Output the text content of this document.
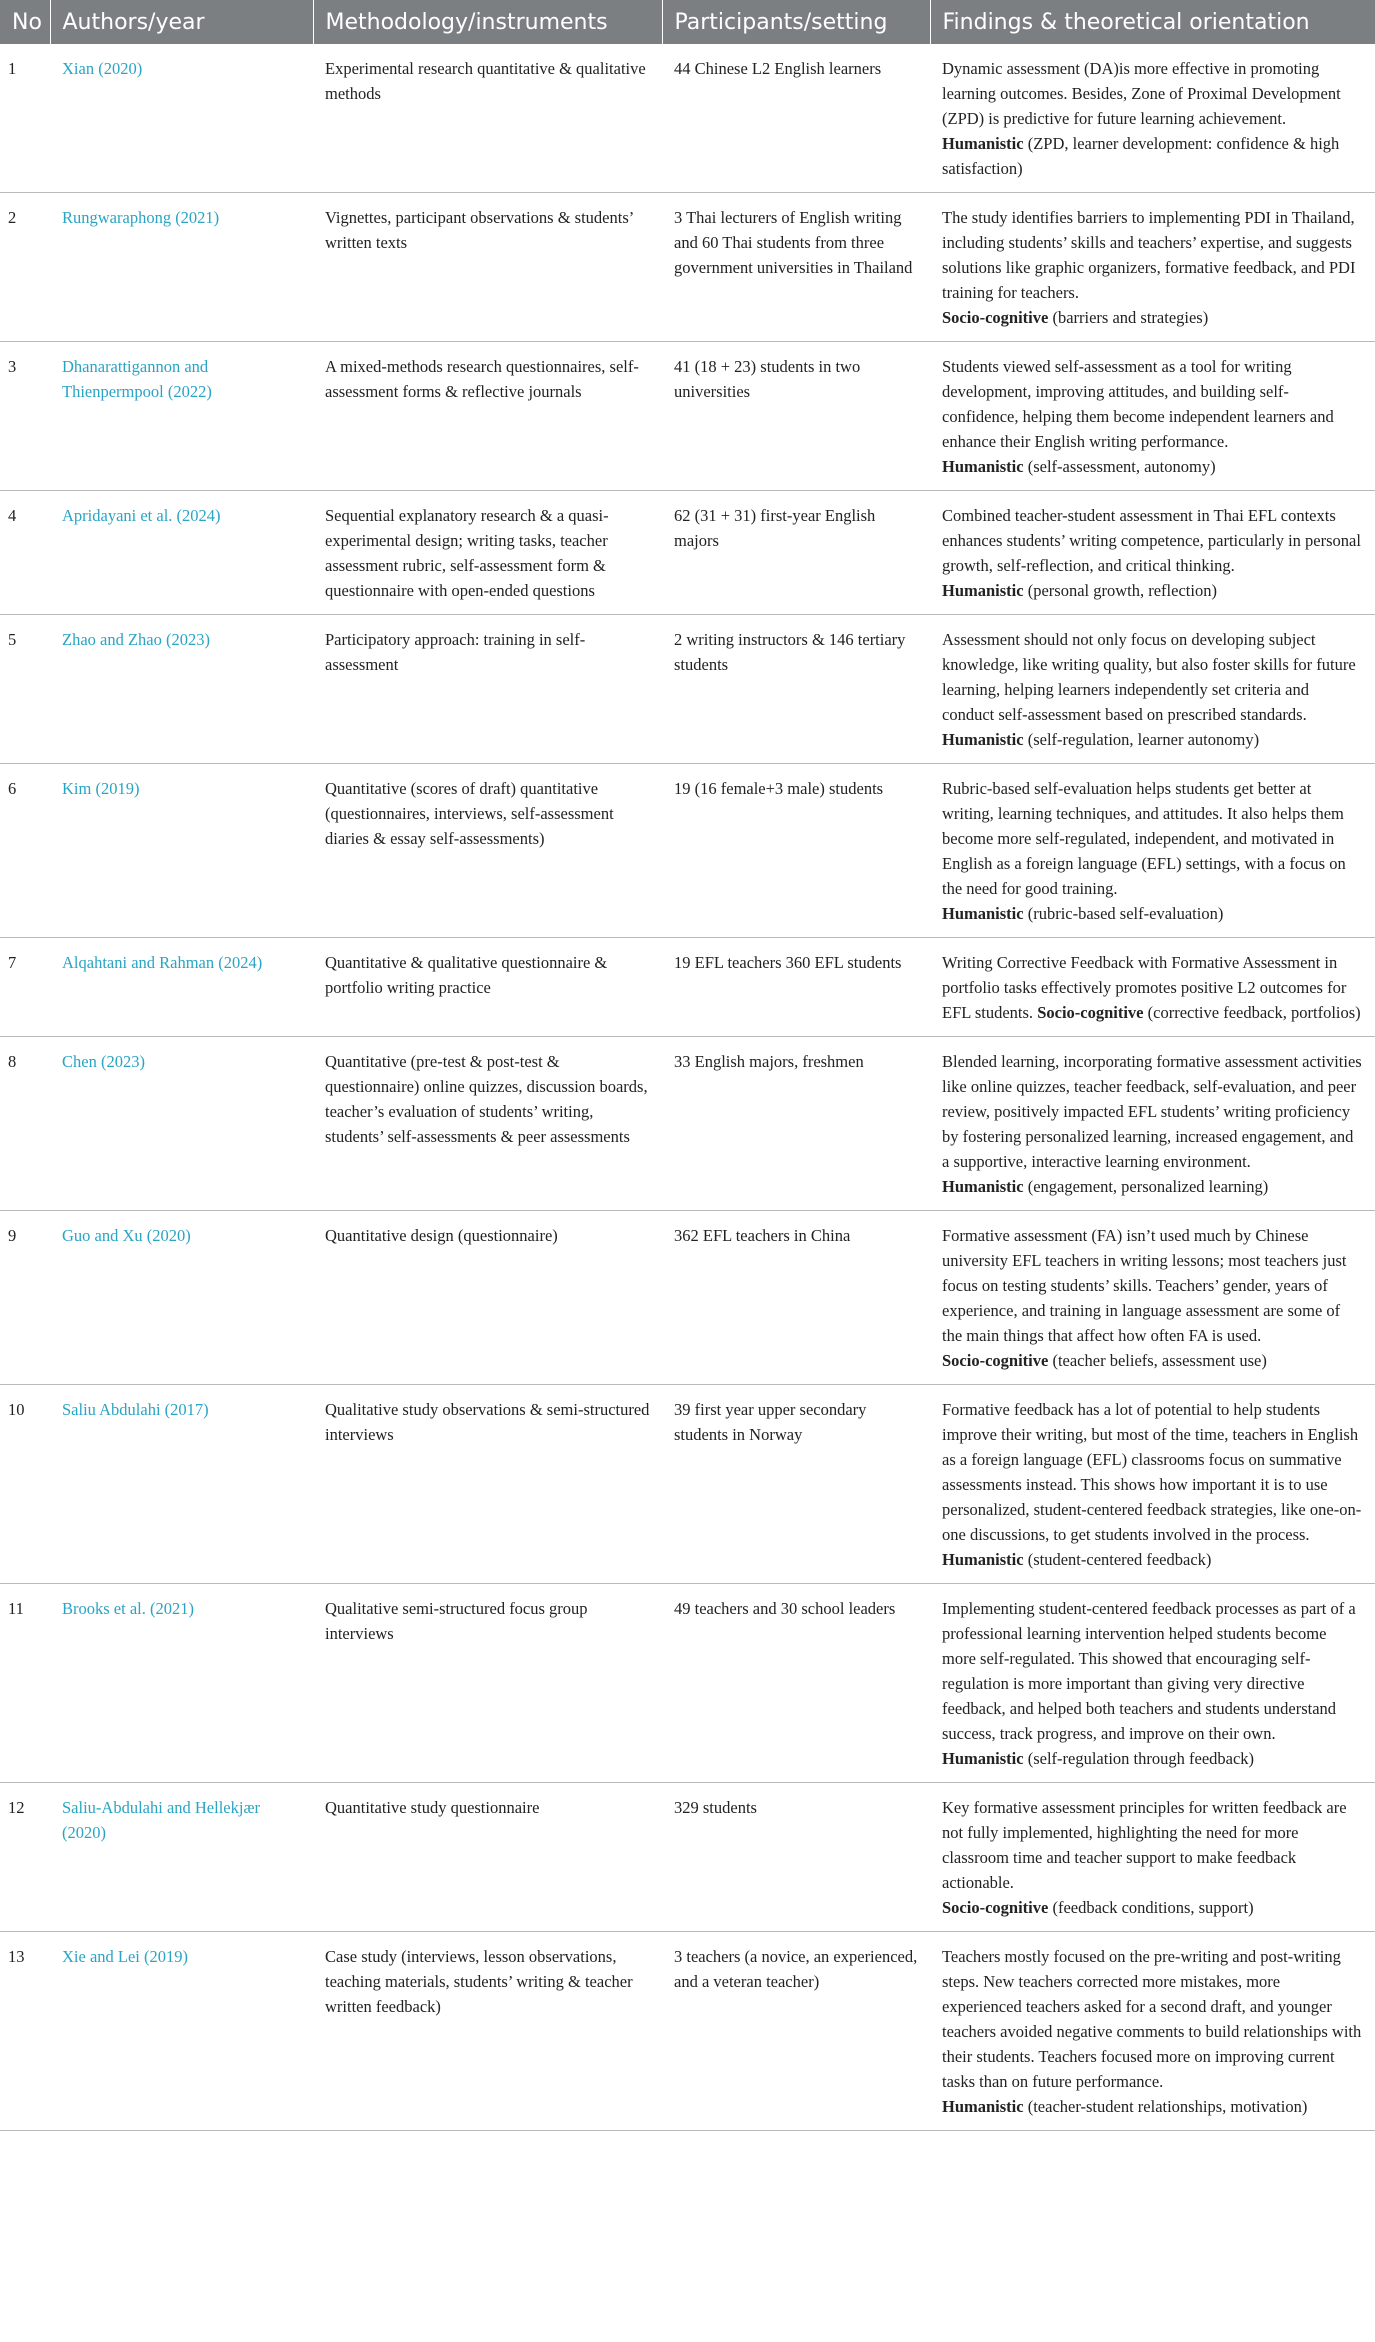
No	Authors/year	Methodology/instruments	Participants/setting	Findings & theoretical orientation
1	Xian (2020)	Experimental research quantitative & qualitative methods	44 Chinese L2 English learners	Dynamic assessment (DA)is more effective in promoting learning outcomes. Besides, Zone of Proximal Development (ZPD) is predictive for future learning achievement.
Humanistic (ZPD, learner development: confidence & high satisfaction)
2	Rungwaraphong (2021)	Vignettes, participant observations & students’ written texts	3 Thai lecturers of English writing and 60 Thai students from three government universities in Thailand	The study identifies barriers to implementing PDI in Thailand, including students’ skills and teachers’ expertise, and suggests solutions like graphic organizers, formative feedback, and PDI training for teachers.
Socio-cognitive (barriers and strategies)
3	Dhanarattigannon and Thienpermpool (2022)	A mixed-methods research questionnaires, self-assessment forms & reflective journals	41 (18 + 23) students in two universities	Students viewed self-assessment as a tool for writing development, improving attitudes, and building self-confidence, helping them become independent learners and enhance their English writing performance.
Humanistic (self-assessment, autonomy)
4	Apridayani et al. (2024)	Sequential explanatory research & a quasi-experimental design; writing tasks, teacher assessment rubric, self-assessment form & questionnaire with open-ended questions	62 (31 + 31) first-year English majors	Combined teacher-student assessment in Thai EFL contexts enhances students’ writing competence, particularly in personal growth, self-reflection, and critical thinking.
Humanistic (personal growth, reflection)
5	Zhao and Zhao (2023)	Participatory approach: training in self-assessment	2 writing instructors & 146 tertiary students	Assessment should not only focus on developing subject knowledge, like writing quality, but also foster skills for future learning, helping learners independently set criteria and conduct self-assessment based on prescribed standards.
Humanistic (self-regulation, learner autonomy)
6	Kim (2019)	Quantitative (scores of draft) quantitative (questionnaires, interviews, self-assessment diaries & essay self-assessments)	19 (16 female+3 male) students	Rubric-based self-evaluation helps students get better at writing, learning techniques, and attitudes. It also helps them become more self-regulated, independent, and motivated in English as a foreign language (EFL) settings, with a focus on the need for good training.
Humanistic (rubric-based self-evaluation)
7	Alqahtani and Rahman (2024)	Quantitative & qualitative questionnaire & portfolio writing practice	19 EFL teachers 360 EFL students	Writing Corrective Feedback with Formative Assessment in portfolio tasks effectively promotes positive L2 outcomes for EFL students. Socio-cognitive (corrective feedback, portfolios)
8	Chen (2023)	Quantitative (pre-test & post-test & questionnaire) online quizzes, discussion boards, teacher’s evaluation of students’ writing, students’ self-assessments & peer assessments	33 English majors, freshmen	Blended learning, incorporating formative assessment activities like online quizzes, teacher feedback, self-evaluation, and peer review, positively impacted EFL students’ writing proficiency by fostering personalized learning, increased engagement, and a supportive, interactive learning environment.
Humanistic (engagement, personalized learning)
9	Guo and Xu (2020)	Quantitative design (questionnaire)	362 EFL teachers in China	Formative assessment (FA) isn’t used much by Chinese university EFL teachers in writing lessons; most teachers just focus on testing students’ skills. Teachers’ gender, years of experience, and training in language assessment are some of the main things that affect how often FA is used.
Socio-cognitive (teacher beliefs, assessment use)
10	Saliu Abdulahi (2017)	Qualitative study observations & semi-structured interviews	39 first year upper secondary students in Norway	Formative feedback has a lot of potential to help students improve their writing, but most of the time, teachers in English as a foreign language (EFL) classrooms focus on summative assessments instead. This shows how important it is to use personalized, student-centered feedback strategies, like one-on-one discussions, to get students involved in the process.
Humanistic (student-centered feedback)
11	Brooks et al. (2021)	Qualitative semi-structured focus group interviews	49 teachers and 30 school leaders	Implementing student-centered feedback processes as part of a professional learning intervention helped students become more self-regulated. This showed that encouraging self-regulation is more important than giving very directive feedback, and helped both teachers and students understand success, track progress, and improve on their own.
Humanistic (self-regulation through feedback)
12	Saliu-Abdulahi and Hellekjær (2020)	Quantitative study questionnaire	329 students	Key formative assessment principles for written feedback are not fully implemented, highlighting the need for more classroom time and teacher support to make feedback actionable.
Socio-cognitive (feedback conditions, support)
13	Xie and Lei (2019)	Case study (interviews, lesson observations, teaching materials, students’ writing & teacher written feedback)	3 teachers (a novice, an experienced, and a veteran teacher)	Teachers mostly focused on the pre-writing and post-writing steps. New teachers corrected more mistakes, more experienced teachers asked for a second draft, and younger teachers avoided negative comments to build relationships with their students. Teachers focused more on improving current tasks than on future performance.
Humanistic (teacher-student relationships, motivation)
